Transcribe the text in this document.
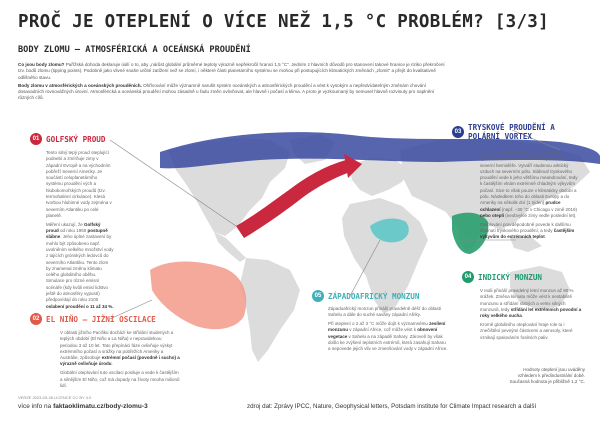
PROČ JE OTEPLENÍ O VÍCE NEŽ 1,5 °C PROBLÉM? [3/3]
BODY ZLOMU – ATMOSFÉRICKÁ A OCEÁNSKÁ PROUDĚNÍ

Co jsou body zlomu? Pařížská dohoda deklaruje úsilí o to, aby „nárůst globální průměrné teploty výrazně nepřekročil hranici 1,5 °C“. Jedním z hlavních důvodů pro stanovení takové hranice je riziko překročení tzv. bodů zlomu (tipping points). Podobně jako vlivné snahe určité zatížení než se zlomí, i některé části planetárního systému se mohou při postupujících klimatických změnách „zlomit“ a přejít do kvalitativně odlišného stavu.

Body zlomu v atmosférických a oceánských prouděních. Ohřívování může významně narušit systém oceánských a atmosférických proudění a vést k vysokým a nepředvídatelným změnám chování dosavadních rovnovážných úrovní. Atmosférická a oceánská proudění mohou zásadně u řadu změn ovlivňovat, ale hlavně i počasí a klima. A proto je vyzkoumaný by nemusel hlavně rozvinuty pro naplnění různých cílů.

01 GOLFSKÝ PROUD

Tento silný tepý proud oteplující podnebí a zmírňuje zimy v západní Evropě a na východním pobřeží Severní Ameriky. Je součástí celoplanetárního systému proudění vých a hlubokomořských proudů (tzv. termohalinní cirkulace). Klesá tvorbou hlubinné vody zejména v severním Atlantiku po celé planetě.

Měření ukazují, že Golfský proud od roku 1950 postupně slábne. Jeho úplné zastavení by mohlo být způsobeno např. uvolněním velkého množství vody z tajících grónských ledovců do severního Atlantiku. Tento zlom by znamenal změnu klimatu celého globálního oběhu. Simulace pro různé emisní scénáře (kdy kvůli emisí lidstvo ještě do atmosféry vypustí) předpovídají do roku 2100 oslabení proudění o 11 až 34 %.

02 EL NIÑO – JIŽNÍ OSCILACE

V oblasti jižního Pacifiku dochází ke střídání studených a teplých období (El Niño a La Niña) v nepravidelnou periodou 3 až 10 let. Tato přepínáci fáze ovlivňuje výskyt extrémního počasí a srážky na pobřežích Ameriky a Austrálie, způsobuje extrémní počasí (povodně i sucho) a výrazně ovlivňuje úrodu.

Globální oteplování tuto oscilaci posiluje a vede k častějším a silnějším El Niño, což má dopady na životy mnoha milionů lidí.

03 TRYSKOVÉ PROUDĚNÍ A POLÁRNÍ VORTEX

Tryskové proudění a polární vortex jsou významné součásti atmosférické proudění v severní hemisféře. Vytváří studenou arktický vzduch na severním pólu. Slábnutí tryskového proudění vede k jeho většímu meandrování, tedy k častějším vlnám extrémně chladným výkyvům počasí. Sice to však pouze v klimaticky období a pólu. Následkem toho do oblasti Evropy a do Ameriky na několik dní (1 týden) prudce ochlazení (např. −30 °C v Chicagu v zimě 2019) nebo oteplí (neobvyklé zimy vedle poslední let).

Oteplování pravděpodobně povede k dalšímu slábnutí tryskového proudění, a tedy častějším výkyvům do extrémních teplot.

04 INDICKÝ MONZUN

V Indii přináší pravidelný letní monzun až 90 % srážek. Změna klimatu může vést k nestabilitě monzunu a střídání slabých a velmi silných monzunů, tedy střídání let extrémních povodní a roky velkého sucha.

Kromě globálního oteplování hraje role tu i znečištění pevnými částicemi a aerosoly, které vznikají spalováním fosilních paliv.

05 ZÁPADOAFRICKÝ MONZUN

Západoafrický monzun přináší pravidelně déšť do oblasti Sahelu a dále do suché savany západní Afriky.

Při oteplení o 2 až 3 °C může dojít k významnému zesílení monzunu v západní Africe, což může vést k obnovení vegetace v Sahelu a na západě Sahary. Zároveň by však došlo ke zvýšení teplotních extrémů, která zasahují Saharu a nepovede jejich vliv ve zmenšování vody v západní Africe.

Hodnoty oteplení jsou uváděny vzhledem k předindustriální době. Současná hodnota je přibližně 1,2 °C.
VERZE 2023-03-28 LICENCE CC BY 4.0
více info na faktaoklimatu.cz/body-zlomu-3	zdroj dat: Zprávy IPCC, Nature, Geophysical letters, Potsdam institute for Climate Impact research a další
